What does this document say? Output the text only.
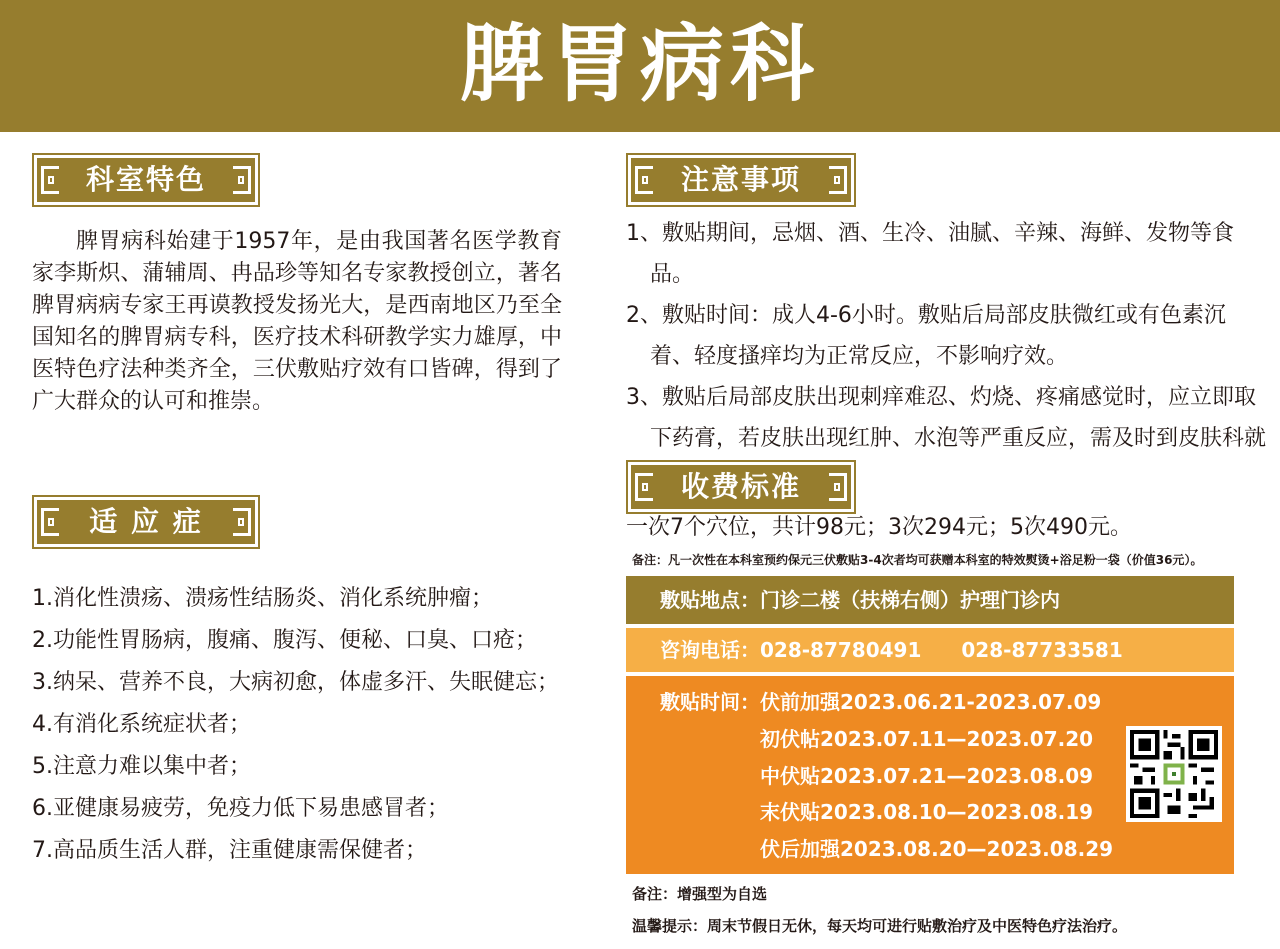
脾胃病科
科室特色

脾胃病科始建于1957年，是由我国著名医学教育家李斯炽、蒲辅周、冉品珍等知名专家教授创立，著名脾胃病病专家王再谟教授发扬光大，是西南地区乃至全国知名的脾胃病专科，医疗技术科研教学实力雄厚，中医特色疗法种类齐全，三伏敷贴疗效有口皆碑，得到了广大群众的认可和推崇。

适 应 症
1.消化性溃疡、溃疡性结肠炎、消化系统肿瘤；
2.功能性胃肠病，腹痛、腹泻、便秘、口臭、口疮；
3.纳呆、营养不良，大病初愈，体虚多汗、失眠健忘；
4.有消化系统症状者；
5.注意力难以集中者；
6.亚健康易疲劳，免疫力低下易患感冒者；
7.高品质生活人群，注重健康需保健者；
注意事项
1、敷贴期间，忌烟、酒、生冷、油腻、辛辣、海鲜、发物等食品。
2、敷贴时间：成人4-6小时。敷贴后局部皮肤微红或有色素沉着、轻度搔痒均为正常反应，不影响疗效。
3、敷贴后局部皮肤出现刺痒难忍、灼烧、疼痛感觉时，应立即取下药膏，若皮肤出现红肿、水泡等严重反应，需及时到皮肤科就
收费标准
一次7个穴位，共计98元；3次294元；5次490元。
备注：凡一次性在本科室预约保元三伏敷贴3-4次者均可获赠本科室的特效熨烫+浴足粉一袋（价值36元）。
敷贴地点：门诊二楼（扶梯右侧）护理门诊内
咨询电话：028-87780491 028-87733581
敷贴时间： 伏前加强2023.06.21-2023.07.09
初伏帖2023.07.11—2023.07.20
中伏贴2023.07.21—2023.08.09
末伏贴2023.08.10—2023.08.19
伏后加强2023.08.20—2023.08.29
备注：增强型为自选
温馨提示：周末节假日无休，每天均可进行贴敷治疗及中医特色疗法治疗。
